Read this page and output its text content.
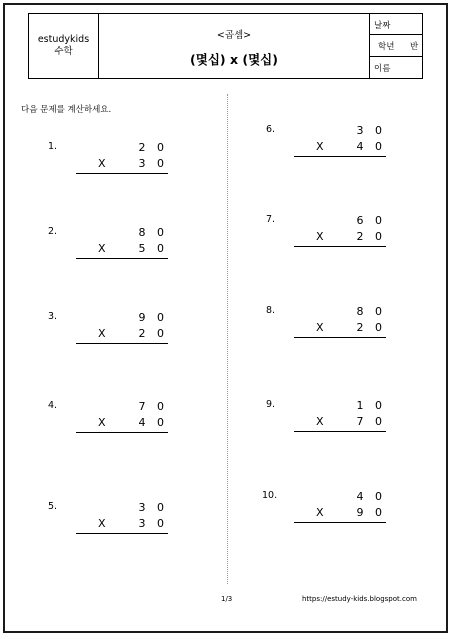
estudykids
수학
<곱셈>
(몇십) x (몇십)
날짜
학년 반
이름
다음 문제를 계산하세요.
1.	2 0
X	3 0
2.	8 0
X	5 0
3.	9 0
X	2 0
4.	7 0
X	4 0
5.	3 0
X	3 0
6.	3 0
X	4 0
7.	6 0
X	2 0
8.	8 0
X	2 0
9.	1 0
X	7 0
10.	4 0
X	9 0
1/3	https://estudy-kids.blogspot.com
